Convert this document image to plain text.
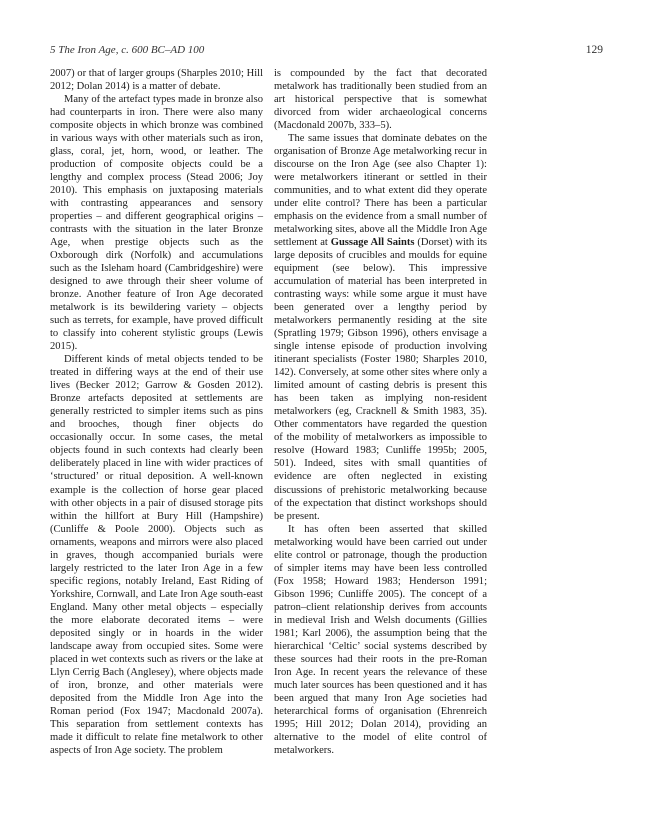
5 The Iron Age, c. 600 BC–AD 100	129

2007) or that of larger groups (Sharples 2010; Hill 2012; Dolan 2014) is a matter of debate.

Many of the artefact types made in bronze also had counterparts in iron. There were also many composite objects in which bronze was combined in various ways with other materials such as iron, glass, coral, jet, horn, wood, or leather. The production of composite objects could be a lengthy and complex process (Stead 2006; Joy 2010). This emphasis on juxtaposing materials with contrasting appearances and sensory properties – and different geographical origins – contrasts with the situation in the later Bronze Age, when prestige objects such as the Oxborough dirk (Norfolk) and accumulations such as the Isleham hoard (Cambridgeshire) were designed to awe through their sheer volume of bronze. Another feature of Iron Age decorated metalwork is its bewildering variety – objects such as terrets, for example, have proved difficult to classify into coherent stylistic groups (Lewis 2015).

Different kinds of metal objects tended to be treated in differing ways at the end of their use lives (Becker 2012; Garrow & Gosden 2012). Bronze artefacts deposited at settlements are generally restricted to simpler items such as pins and brooches, though finer objects do occasionally occur. In some cases, the metal objects found in such contexts had clearly been deliberately placed in line with wider practices of ‘structured’ or ritual deposition. A well-known example is the collection of horse gear placed with other objects in a pair of disused storage pits within the hillfort at Bury Hill (Hampshire) (Cunliffe & Poole 2000). Objects such as ornaments, weapons and mirrors were also placed in graves, though accompanied burials were largely restricted to the later Iron Age in a few specific regions, notably Ireland, East Riding of Yorkshire, Cornwall, and Late Iron Age south-east England. Many other metal objects – especially the more elaborate decorated items – were deposited singly or in hoards in the wider landscape away from occupied sites. Some were placed in wet contexts such as rivers or the lake at Llyn Cerrig Bach (Anglesey), where objects made of iron, bronze, and other materials were deposited from the Middle Iron Age into the Roman period (Fox 1947; Macdonald 2007a). This separation from settlement contexts has made it difficult to relate fine metalwork to other aspects of Iron Age society. The problem

is compounded by the fact that decorated metalwork has traditionally been studied from an art historical perspective that is somewhat divorced from wider archaeological concerns (Macdonald 2007b, 333–5).

The same issues that dominate debates on the organisation of Bronze Age metalworking recur in discourse on the Iron Age (see also Chapter 1): were metalworkers itinerant or settled in their communities, and to what extent did they operate under elite control? There has been a particular emphasis on the evidence from a small number of metalworking sites, above all the Middle Iron Age settlement at Gussage All Saints (Dorset) with its large deposits of crucibles and moulds for equine equipment (see below). This impressive accumulation of material has been interpreted in contrasting ways: while some argue it must have been generated over a lengthy period by metalworkers permanently residing at the site (Spratling 1979; Gibson 1996), others envisage a single intense episode of production involving itinerant specialists (Foster 1980; Sharples 2010, 142). Conversely, at some other sites where only a limited amount of casting debris is present this has been taken as implying non-resident metalworkers (eg, Cracknell & Smith 1983, 35). Other commentators have regarded the question of the mobility of metalworkers as impossible to resolve (Howard 1983; Cunliffe 1995b; 2005, 501). Indeed, sites with small quantities of evidence are often neglected in existing discussions of prehistoric metalworking because of the expectation that distinct workshops should be present.

It has often been asserted that skilled metalworking would have been carried out under elite control or patronage, though the production of simpler items may have been less controlled (Fox 1958; Howard 1983; Henderson 1991; Gibson 1996; Cunliffe 2005). The concept of a patron–client relationship derives from accounts in medieval Irish and Welsh documents (Gillies 1981; Karl 2006), the assumption being that the hierarchical ‘Celtic’ social systems described by these sources had their roots in the pre-Roman Iron Age. In recent years the relevance of these much later sources has been questioned and it has been argued that many Iron Age societies had heterarchical forms of organisation (Ehrenreich 1995; Hill 2012; Dolan 2014), providing an alternative to the model of elite control of metalworkers.
